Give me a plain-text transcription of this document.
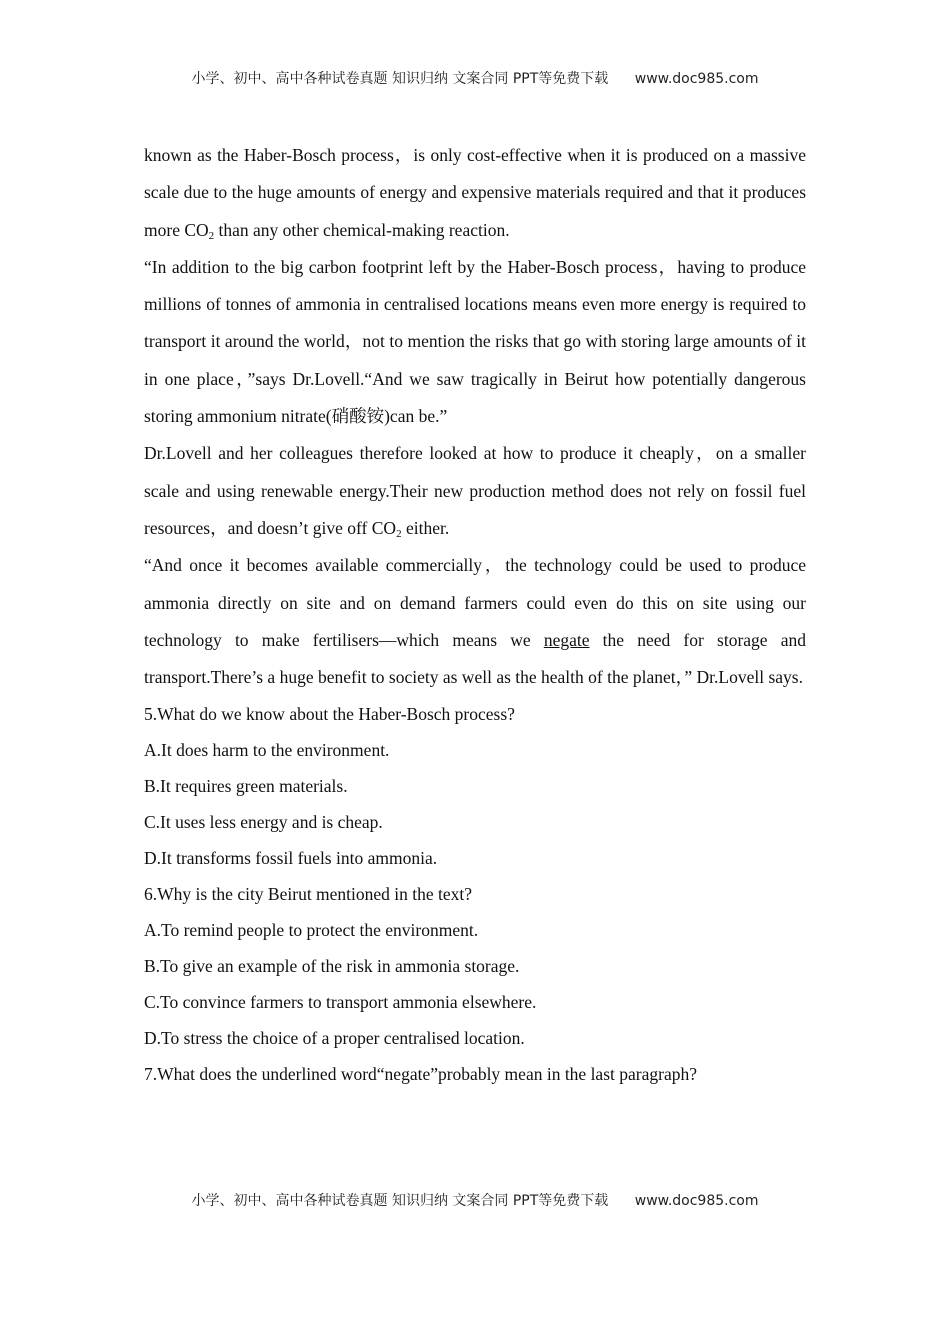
小学、初中、高中各种试卷真题 知识归纳 文案合同 PPT等免费下载 www.doc985.com

known as the Haber-Bosch process，is only cost-effective when it is produced on a massive scale due to the huge amounts of energy and expensive materials required and that it produces more $CO_2$ than any other chemical-making reaction.

“In addition to the big carbon footprint left by the Haber-Bosch process，having to produce millions of tonnes of ammonia in centralised locations means even more energy is required to transport it around the world，not to mention the risks that go with storing large amounts of it in one place，”says Dr.Lovell.“And we saw tragically in Beirut how potentially dangerous storing ammonium nitrate(硝酸铵)can be.”

Dr.Lovell and her colleagues therefore looked at how to produce it cheaply，on a smaller scale and using renewable energy.Their new production method does not rely on fossil fuel resources，and doesn’t give off $CO_2$ either.

“And once it becomes available commercially，the technology could be used to produce ammonia directly on site and on demand farmers could even do this on site using our technology to make fertilisers—which means we negate the need for storage and transport.There’s a huge benefit to society as well as the health of the planet，” Dr.Lovell says.

5.What do we know about the Haber-Bosch process?

A.It does harm to the environment.

B.It requires green materials.

C.It uses less energy and is cheap.

D.It transforms fossil fuels into ammonia.

6.Why is the city Beirut mentioned in the text?

A.To remind people to protect the environment.

B.To give an example of the risk in ammonia storage.

C.To convince farmers to transport ammonia elsewhere.

D.To stress the choice of a proper centralised location.

7.What does the underlined word“negate”probably mean in the last paragraph?

小学、初中、高中各种试卷真题 知识归纳 文案合同 PPT等免费下载 www.doc985.com
